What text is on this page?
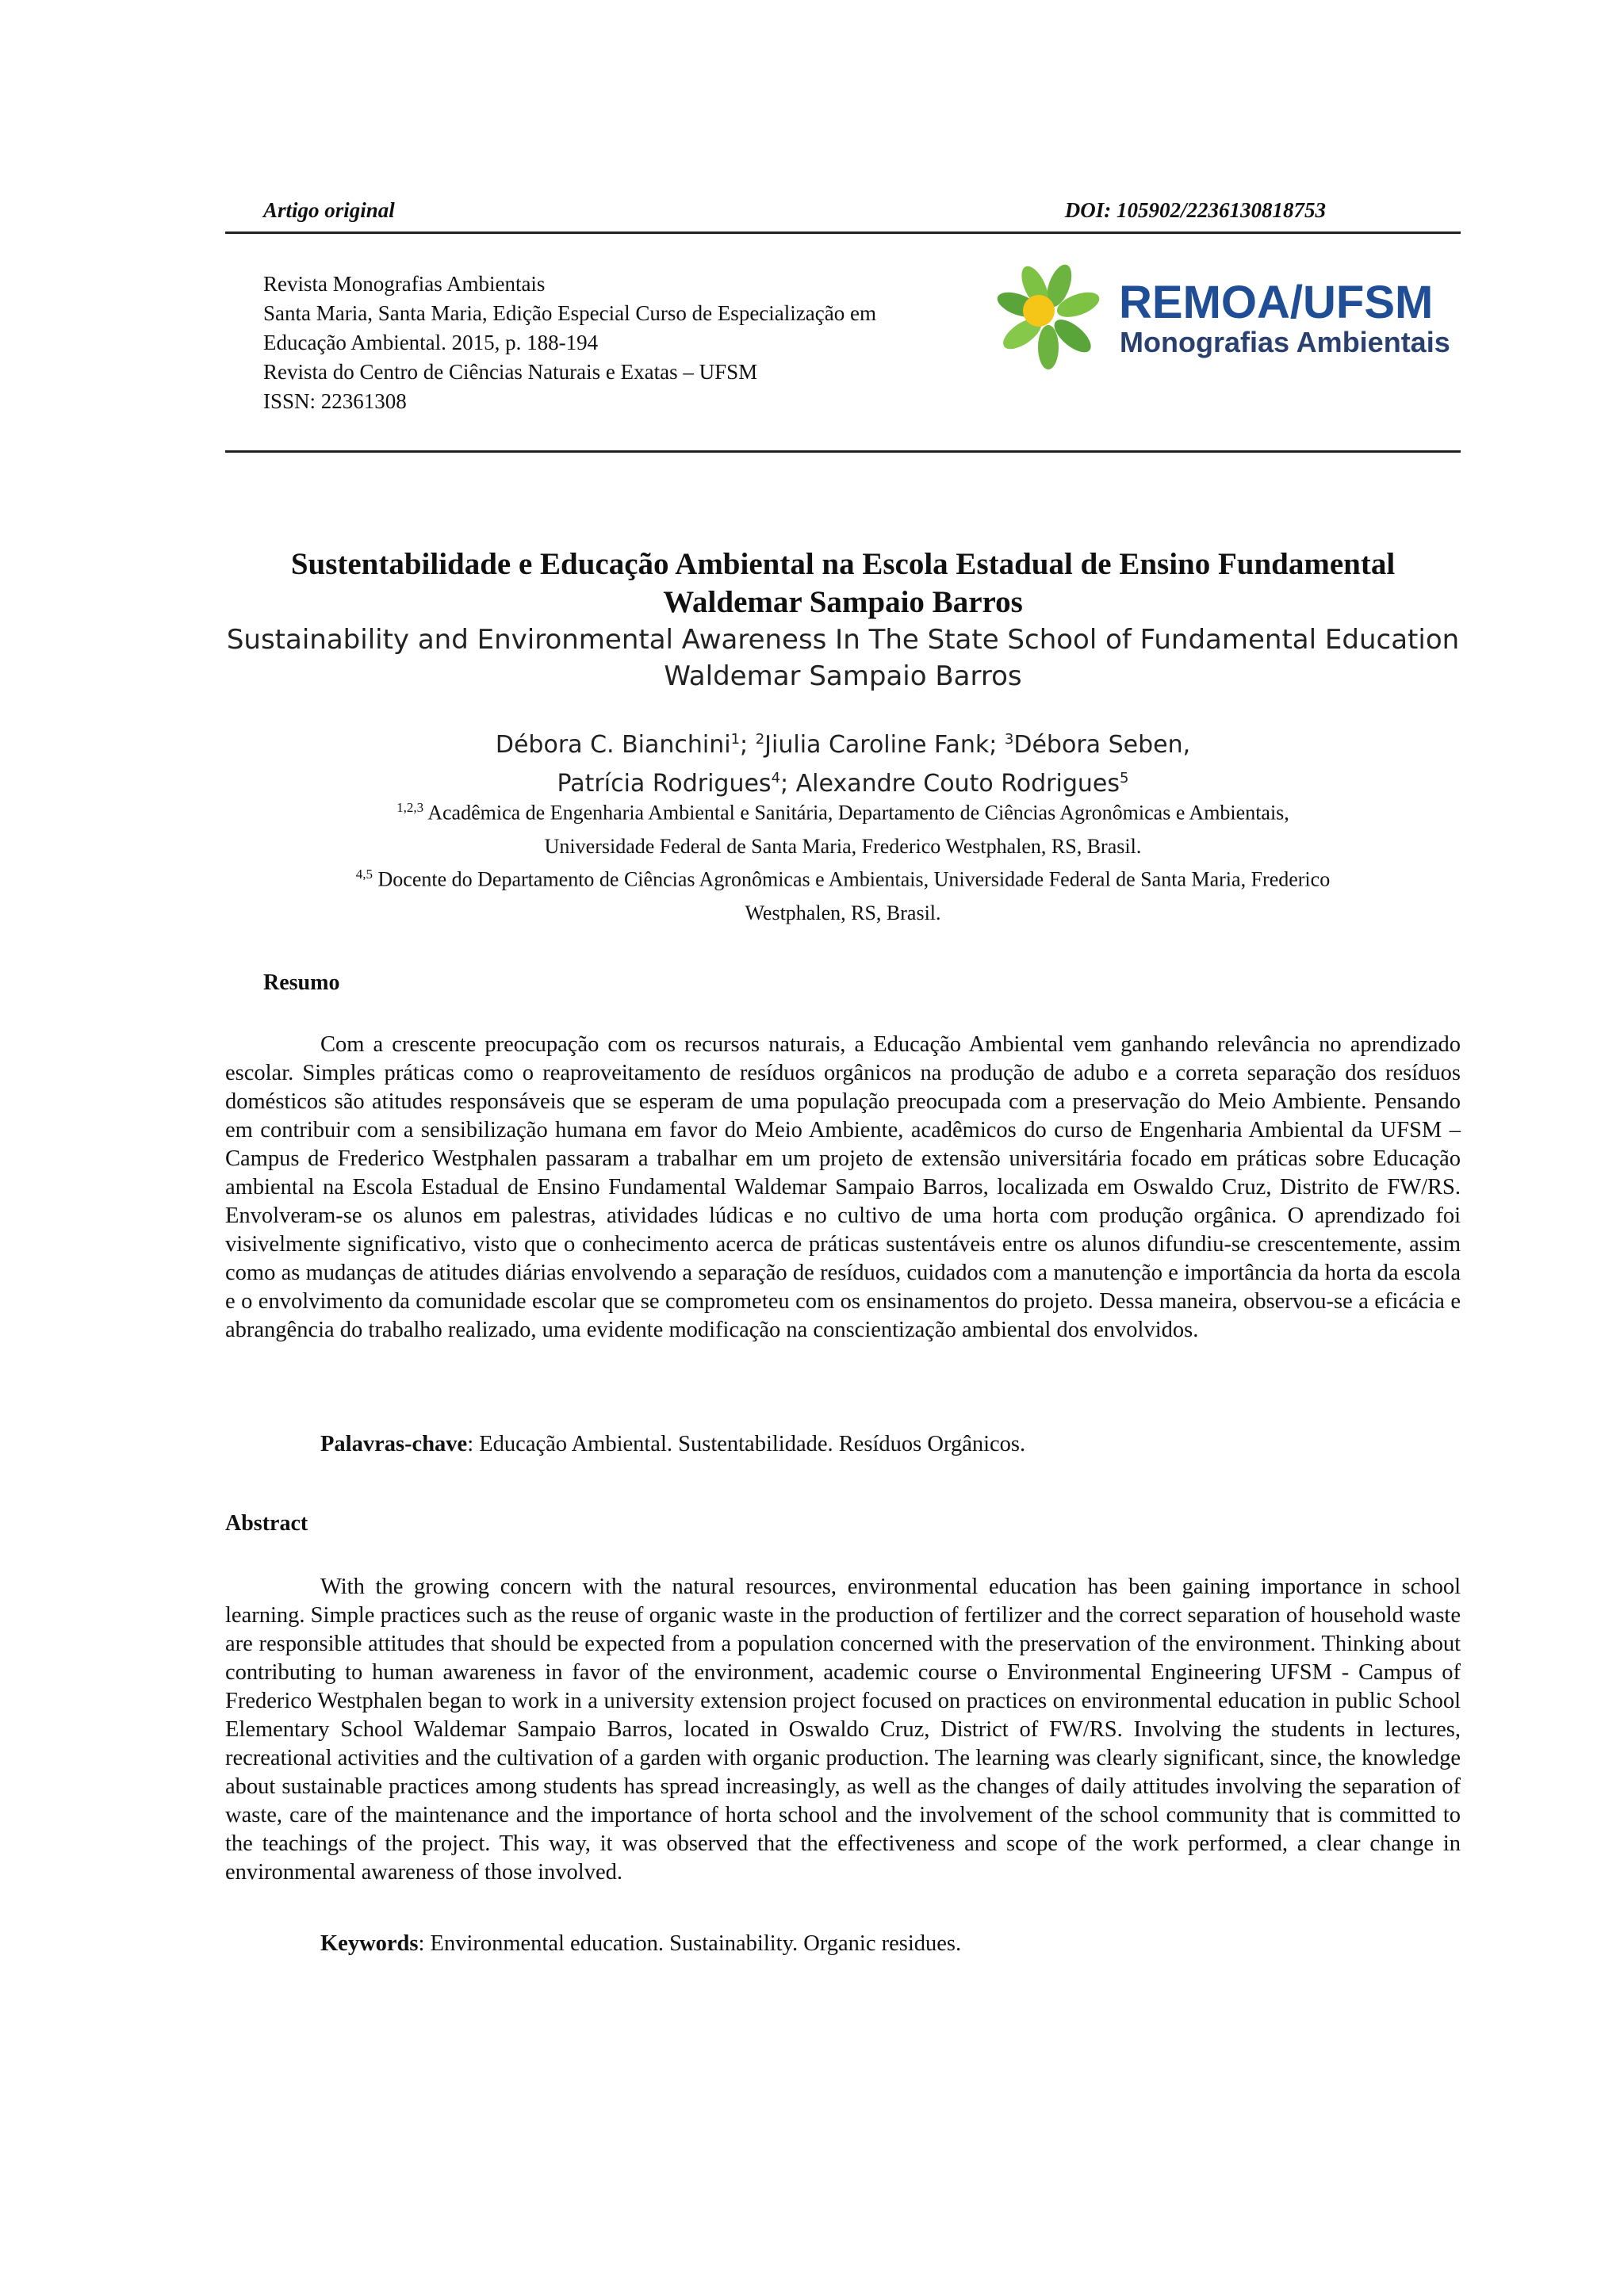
Artigo original	DOI: 105902/2236130818753
Revista Monografias Ambientais
Santa Maria, Santa Maria, Edição Especial Curso de Especialização em
Educação Ambiental. 2015, p. 188-194
Revista do Centro de Ciências Naturais e Exatas – UFSM
ISSN: 22361308
REMOA/UFSM
Monografias Ambientais
Sustentabilidade e Educação Ambiental na Escola Estadual de Ensino Fundamental
Waldemar Sampaio Barros
Sustainability and Environmental Awareness In The State School of Fundamental Education
Waldemar Sampaio Barros
Débora C. Bianchini$^1$; $^2$Jiulia Caroline Fank; $^3$Débora Seben,
Patrícia Rodrigues$^4$; Alexandre Couto Rodrigues$^5$
$^{1,2,3}$ Acadêmica de Engenharia Ambiental e Sanitária, Departamento de Ciências Agronômicas e Ambientais,
Universidade Federal de Santa Maria, Frederico Westphalen, RS, Brasil.
$^{4,5}$ Docente do Departamento de Ciências Agronômicas e Ambientais, Universidade Federal de Santa Maria, Frederico
Westphalen, RS, Brasil.
Resumo
Com a crescente preocupação com os recursos naturais, a Educação Ambiental vem ganhando relevância no aprendizado escolar. Simples práticas como o reaproveitamento de resíduos orgânicos na produção de adubo e a correta separação dos resíduos domésticos são atitudes responsáveis que se esperam de uma população preocupada com a preservação do Meio Ambiente. Pensando em contribuir com a sensibilização humana em favor do Meio Ambiente, acadêmicos do curso de Engenharia Ambiental da UFSM – Campus de Frederico Westphalen passaram a trabalhar em um projeto de extensão universitária focado em práticas sobre Educação ambiental na Escola Estadual de Ensino Fundamental Waldemar Sampaio Barros, localizada em Oswaldo Cruz, Distrito de FW/RS. Envolveram-se os alunos em palestras, atividades lúdicas e no cultivo de uma horta com produção orgânica. O aprendizado foi visivelmente significativo, visto que o conhecimento acerca de práticas sustentáveis entre os alunos difundiu-se crescentemente, assim como as mudanças de atitudes diárias envolvendo a separação de resíduos, cuidados com a manutenção e importância da horta da escola e o envolvimento da comunidade escolar que se comprometeu com os ensinamentos do projeto. Dessa maneira, observou-se a eficácia e abrangência do trabalho realizado, uma evidente modificação na conscientização ambiental dos envolvidos.
Palavras-chave: Educação Ambiental. Sustentabilidade. Resíduos Orgânicos.
Abstract
With the growing concern with the natural resources, environmental education has been gaining importance in school learning. Simple practices such as the reuse of organic waste in the production of fertilizer and the correct separation of household waste are responsible attitudes that should be expected from a population concerned with the preservation of the environment. Thinking about contributing to human awareness in favor of the environment, academic course o Environmental Engineering UFSM - Campus of Frederico Westphalen began to work in a university extension project focused on practices on environmental education in public School Elementary School Waldemar Sampaio Barros, located in Oswaldo Cruz, District of FW/RS. Involving the students in lectures, recreational activities and the cultivation of a garden with organic production. The learning was clearly significant, since, the knowledge about sustainable practices among students has spread increasingly, as well as the changes of daily attitudes involving the separation of waste, care of the maintenance and the importance of horta school and the involvement of the school community that is committed to the teachings of the project. This way, it was observed that the effectiveness and scope of the work performed, a clear change in environmental awareness of those involved.
Keywords: Environmental education. Sustainability. Organic residues.
